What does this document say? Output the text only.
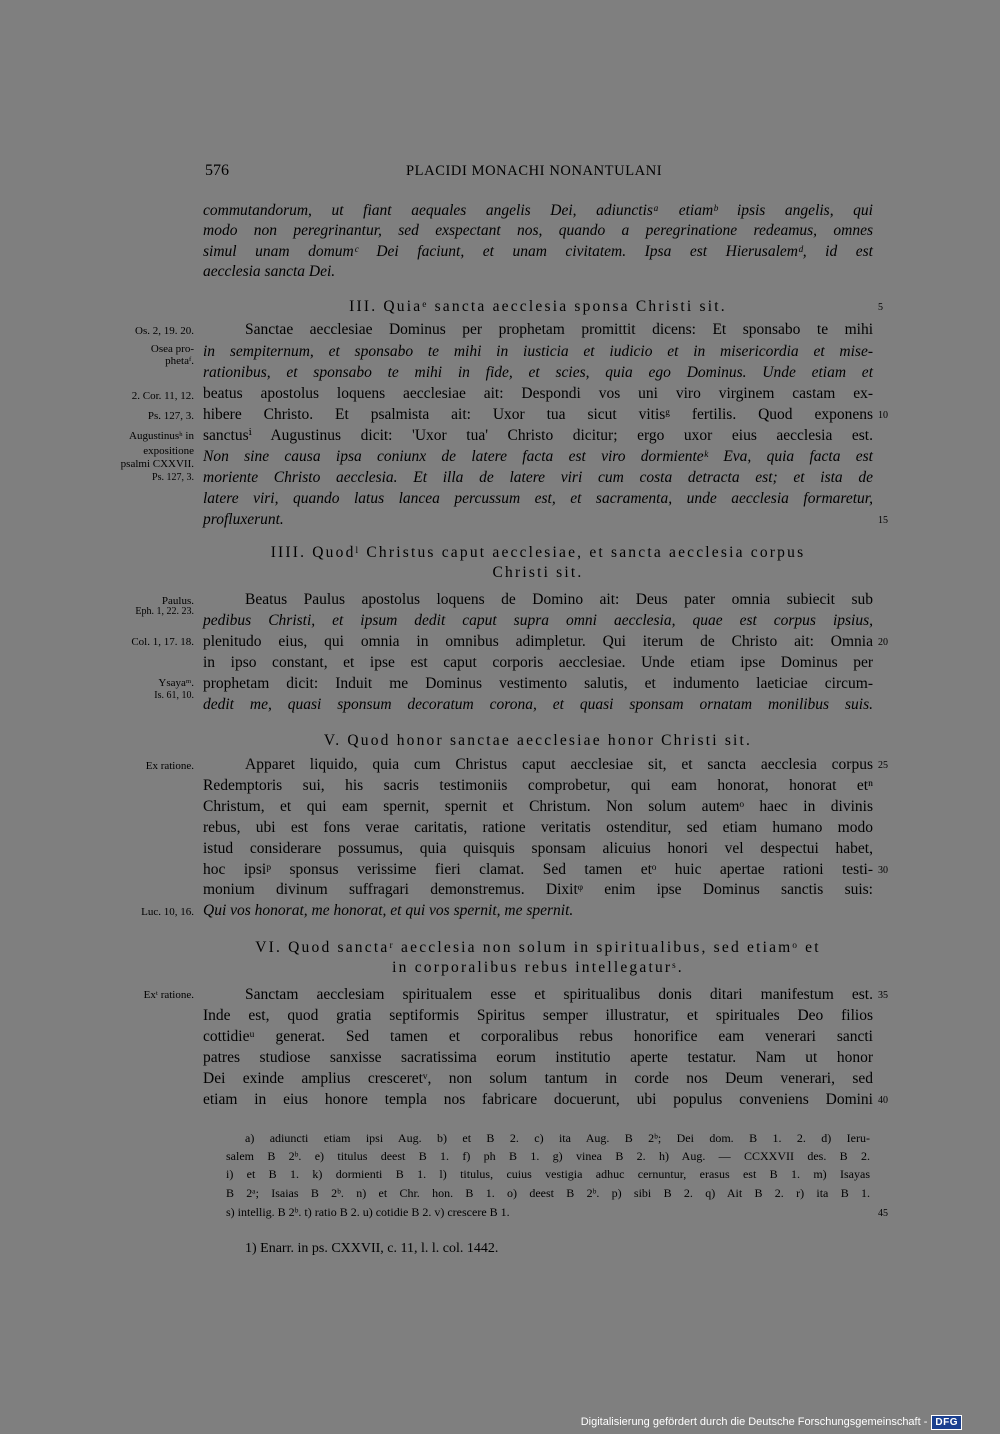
576	PLACIDI MONACHI NONANTULANI
commutandorum, ut fiant aequales angelis Dei, adiunctisᵃ etiamᵇ ipsis angelis, qui
modo non peregrinantur, sed exspectant nos, quando a peregrinatione redeamus, omnes
simul unam domumᶜ Dei faciunt, et unam civitatem. Ipsa est Hierusalemᵈ, id est
aecclesia sancta Dei.
III. Quiaᵉ sancta aecclesia sponsa Christi sit.	5
Sanctae aecclesiae Dominus per prophetam promittit dicens: Et sponsabo te mihi
in sempiternum, et sponsabo te mihi in iusticia et iudicio et in misericordia et mise-
rationibus, et sponsabo te mihi in fide, et scies, quia ego Dominus. Unde etiam et
beatus apostolus loquens aecclesiae ait: Despondi vos uni viro virginem castam ex-
hibere Christo. Et psalmista ait: Uxor tua sicut vitisᵍ fertilis. Quod exponens 10
sanctusⁱ Augustinus dicit: 'Uxor tua' Christo dicitur; ergo uxor eius aecclesia est.
Non sine causa ipsa coniunx de latere facta est viro dormienteᵏ Eva, quia facta est
moriente Christo aecclesia. Et illa de latere viri cum costa detracta est; et ista de
latere viri, quando latus lancea percussum est, et sacramenta, unde aecclesia formaretur,
profluxerunt.	15
Os. 2, 19. 20.
Osea pro-
phetaᶠ.
2. Cor. 11, 12.
Ps. 127, 3.
Augustinusʰ in
expositione
psalmi CXXVII.
Ps. 127, 3.
IIII. Quodˡ Christus caput aecclesiae, et sancta aecclesia corpus
Christi sit.
Beatus Paulus apostolus loquens de Domino ait: Deus pater omnia subiecit sub
pedibus Christi, et ipsum dedit caput supra omni aecclesia, quae est corpus ipsius,
plenitudo eius, qui omnia in omnibus adimpletur. Qui iterum de Christo ait: Omnia 20
in ipso constant, et ipse est caput corporis aecclesiae. Unde etiam ipse Dominus per
prophetam dicit: Induit me Dominus vestimento salutis, et indumento laeticiae circum-
dedit me, quasi sponsum decoratum corona, et quasi sponsam ornatam monilibus suis.
Paulus.
Eph. 1, 22. 23.
Col. 1, 17. 18.
Ysayaᵐ.
Is. 61, 10.
V. Quod honor sanctae aecclesiae honor Christi sit.
Apparet liquido, quia cum Christus caput aecclesiae sit, et sancta aecclesia corpus 25
Redemptoris sui, his sacris testimoniis comprobetur, qui eam honorat, honorat etⁿ
Christum, et qui eam spernit, spernit et Christum. Non solum autemᵒ haec in divinis
rebus, ubi est fons verae caritatis, ratione veritatis ostenditur, sed etiam humano modo
istud considerare possumus, quia quisquis sponsam alicuius honori vel despectui habet,
hoc ipsiᵖ sponsus verissime fieri clamat. Sed tamen etᵒ huic apertae rationi testi- 30
monium divinum suffragari demonstremus. Dixitᵠ enim ipse Dominus sanctis suis:
Qui vos honorat, me honorat, et qui vos spernit, me spernit.
Ex ratione.
Luc. 10, 16.
VI. Quod sanctaʳ aecclesia non solum in spiritualibus, sed etiamᵒ et
in corporalibus rebus intellegaturˢ.
Sanctam aecclesiam spiritualem esse et spiritualibus donis ditari manifestum est. 35
Inde est, quod gratia septiformis Spiritus semper illustratur, et spirituales Deo filios
cottidieᵘ generat. Sed tamen et corporalibus rebus honorifice eam venerari sancti
patres studiose sanxisse sacratissima eorum institutio aperte testatur. Nam ut honor
Dei exinde amplius cresceretᵛ, non solum tantum in corde nos Deum venerari, sed
etiam in eius honore templa nos fabricare docuerunt, ubi populus conveniens Domini 40
Exᵗ ratione.
a) adiuncti etiam ipsi Aug. b) et B 2. c) ita Aug. B 2ᵇ; Dei dom. B 1. 2. d) Ieru-
salem B 2ᵇ. e) titulus deest B 1. f) ph B 1. g) vinea B 2. h) Aug. — CCXXVII des. B 2.
i) et B 1. k) dormienti B 1. l) titulus, cuius vestigia adhuc cernuntur, erasus est B 1. m) Isayas
B 2ᵃ; Isaias B 2ᵇ. n) et Chr. hon. B 1. o) deest B 2ᵇ. p) sibi B 2. q) Ait B 2. r) ita B 1.
s) intellig. B 2ᵇ. t) ratio B 2. u) cotidie B 2. v) crescere B 1.	45
1) Enarr. in ps. CXXVII, c. 11, l. l. col. 1442.
Digitalisierung gefördert durch die Deutsche Forschungsgemeinschaft - DFG
